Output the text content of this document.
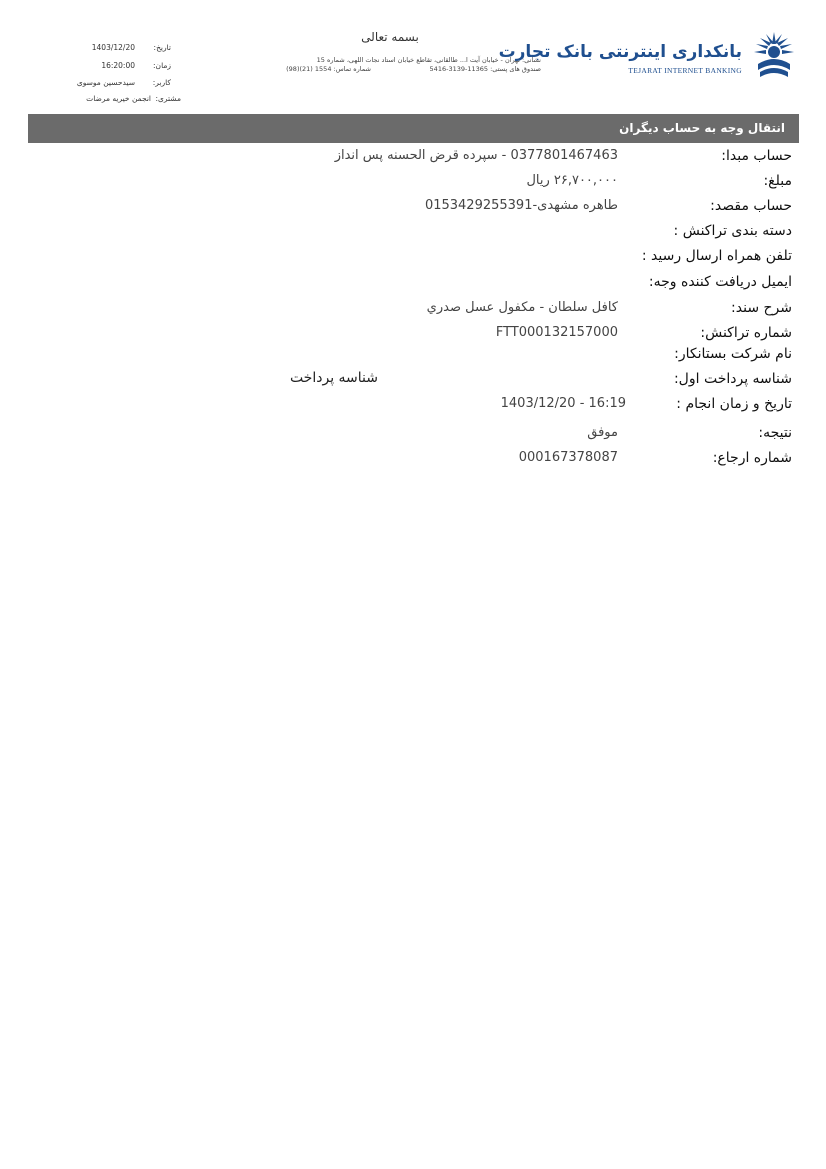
تاریخ:
1403/12/20
زمان:
16:20:00
کاربر:
سیدحسین موسوی
مشتری:
انجمن خیریه مرضات
بسمه تعالی
نشانی: تهران - خیابان آیت ا... طالقانی، تقاطع خیابان استاد نجات اللهی، شماره 15
صندوق های پستی: 11365-3139-5416
شماره تماس: 1554 (21)(98)
بانکداری اینترنتی بانک تجارت
TEJARAT INTERNET BANKING
انتقال وجه به حساب دیگران
حساب مبدا:
0377801467463 - سپرده قرض الحسنه پس انداز
مبلغ:
۲۶,۷۰۰,۰۰۰ ریال
حساب مقصد:
طاهره مشهدی-0153429255391
دسته بندی تراکنش :
تلفن همراه ارسال رسید :
ایمیل دریافت کننده وجه:
شرح سند:
كافل سلطان - مكفول عسل صدري
شماره تراکنش:
FTT000132157000
نام شرکت بستانکار:
شناسه پرداخت اول:
شناسه پرداخت
تاریخ و زمان انجام :
1403/12/20 - 16:19
نتیجه:
موفق
شماره ارجاع:
000167378087
